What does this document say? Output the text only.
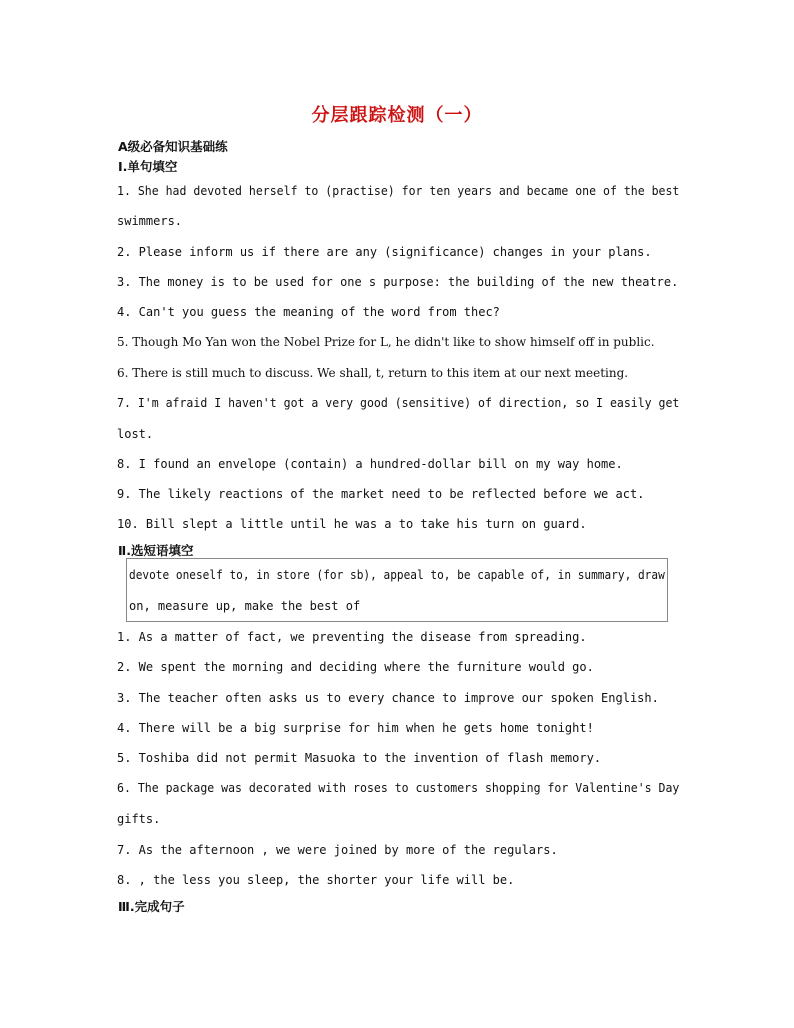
分层跟踪检测（一）
A级必备知识基础练
Ⅰ.单句填空
1. She had devoted herself to (practise) for ten years and became one of the best
swimmers.
2. Please inform us if there are any (significance) changes in your plans.
3. The money is to be used for one s purpose: the building of the new theatre.
4. Can't you guess the meaning of the word from thec?
5. Though Mo Yan won the Nobel Prize for L, he didn't like to show himself off in public.
6. There is still much to discuss. We shall, t, return to this item at our next meeting.
7. I'm afraid I haven't got a very good (sensitive) of direction, so I easily get
lost.
8. I found an envelope (contain) a hundred-dollar bill on my way home.
9. The likely reactions of the market need to be reflected before we act.
10. Bill slept a little until he was a to take his turn on guard.
Ⅱ.选短语填空
devote oneself to, in store (for sb), appeal to, be capable of, in summary, draw
on, measure up, make the best of
1. As a matter of fact, we preventing the disease from spreading.
2. We spent the morning and deciding where the furniture would go.
3. The teacher often asks us to every chance to improve our spoken English.
4. There will be a big surprise for him when he gets home tonight!
5. Toshiba did not permit Masuoka to the invention of flash memory.
6. The package was decorated with roses to customers shopping for Valentine's Day
gifts.
7. As the afternoon , we were joined by more of the regulars.
8. , the less you sleep, the shorter your life will be.
Ⅲ.完成句子
